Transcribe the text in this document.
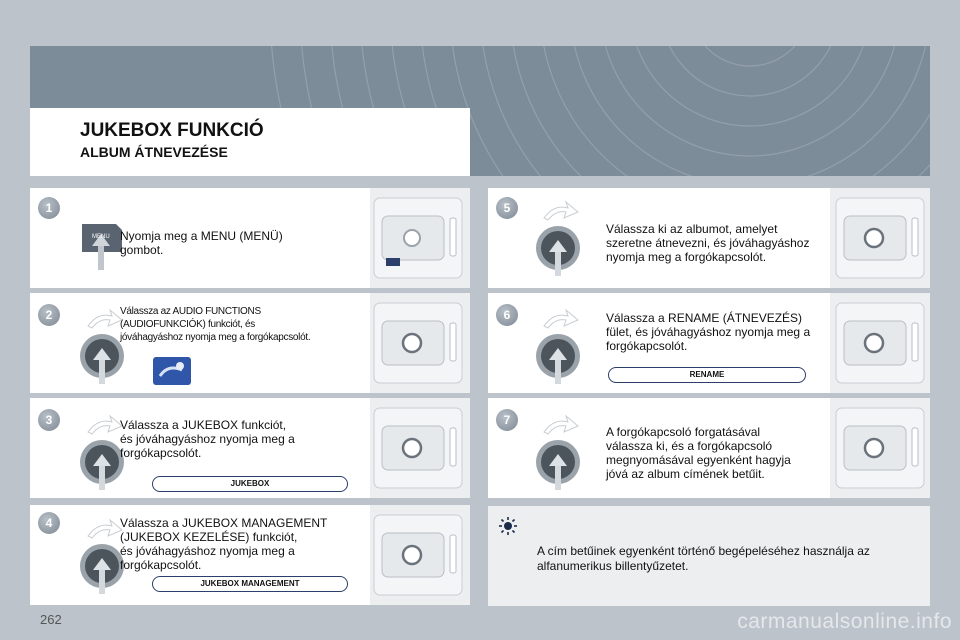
JUKEBOX FUNKCIÓ
ALBUM ÁTNEVEZÉSE
1
MENU Nyomja meg a MENU (MENÜ)
gombot.
2	Válassza az AUDIO FUNCTIONS
(AUDIOFUNKCIÓK) funkciót, és
jóváhagyáshoz nyomja meg a forgókapcsolót.
3	Válassza a JUKEBOX funkciót,
és jóváhagyáshoz nyomja meg a
forgókapcsolót.
JUKEBOX
4	Válassza a JUKEBOX MANAGEMENT
(JUKEBOX KEZELÉSE) funkciót,
és jóváhagyáshoz nyomja meg a
forgókapcsolót.
JUKEBOX MANAGEMENT
5
Válassza ki az albumot, amelyet
szeretne átnevezni, és jóváhagyáshoz
nyomja meg a forgókapcsolót.
6	Válassza a RENAME (ÁTNEVEZÉS)
fület, és jóváhagyáshoz nyomja meg a
forgókapcsolót.
RENAME
7
A forgókapcsoló forgatásával
válassza ki, és a forgókapcsoló
megnyomásával egyenként hagyja
jóvá az album címének betűit.
A cím betűinek egyenként történő begépeléséhez használja az
alfanumerikus billentyűzetet.
262	carmanualsonline.info
